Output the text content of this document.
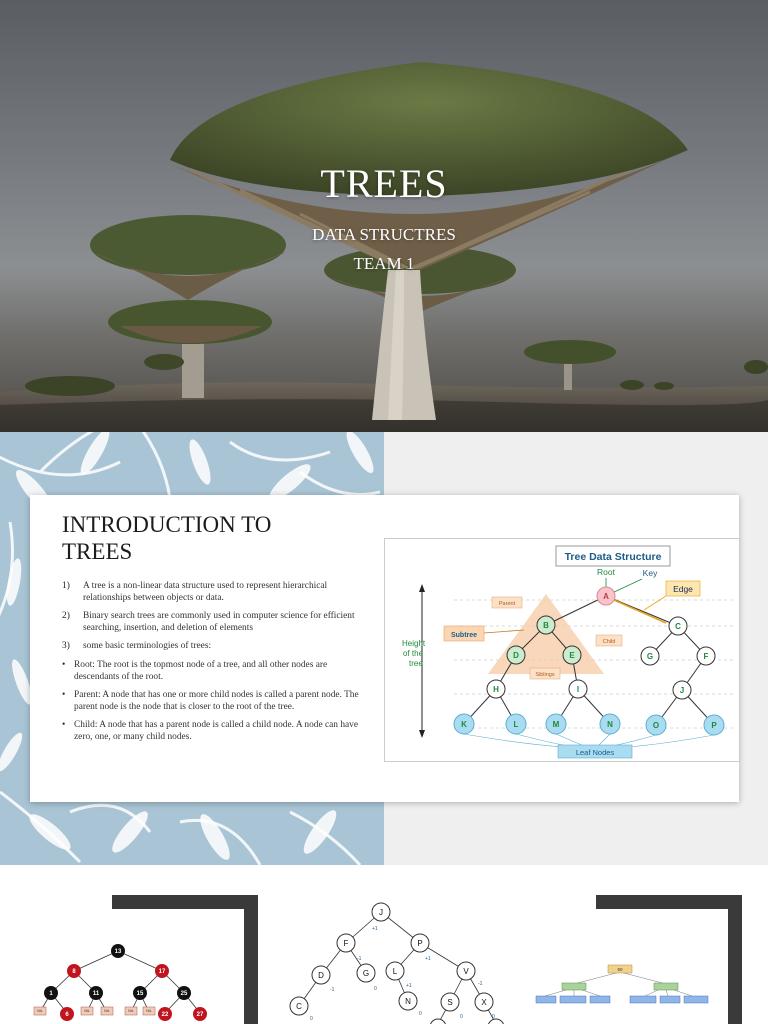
TREES
DATA STRUCTRES
TEAM 1
INTRODUCTION TO TREES
1)	A tree is a non-linear data structure used to represent hierarchical relationships between objects or data.
2)	Binary search trees are commonly used in computer science for efficient searching, insertion, and deletion of elements
3)	some basic terminologies of trees:
• Root: The root is the topmost node of a tree, and all other nodes are descendants of the root.
• Parent: A node that has one or more child nodes is called a parent node. The parent node is the node that is closer to the root of the tree.
• Child: A node that has a parent node is called a child node. A node can have zero, one, or many child nodes.
Tree Data Structure
Height
of the
tree
Parent
Subtree
Child
Siblings
Root	Key
Edge
A
B	C
D	E	F
G
H	I	J
K	L	M	N	O	P
Leaf Nodes
NIL	NIL	NIL	NIL	NIL
13
8	17
1	11	15	25
6	22	27
J
F	P
D	G	L	V
C
N	S	X
+1
-1	+1
-1	0	+1	-1
0
0	0	0
50
